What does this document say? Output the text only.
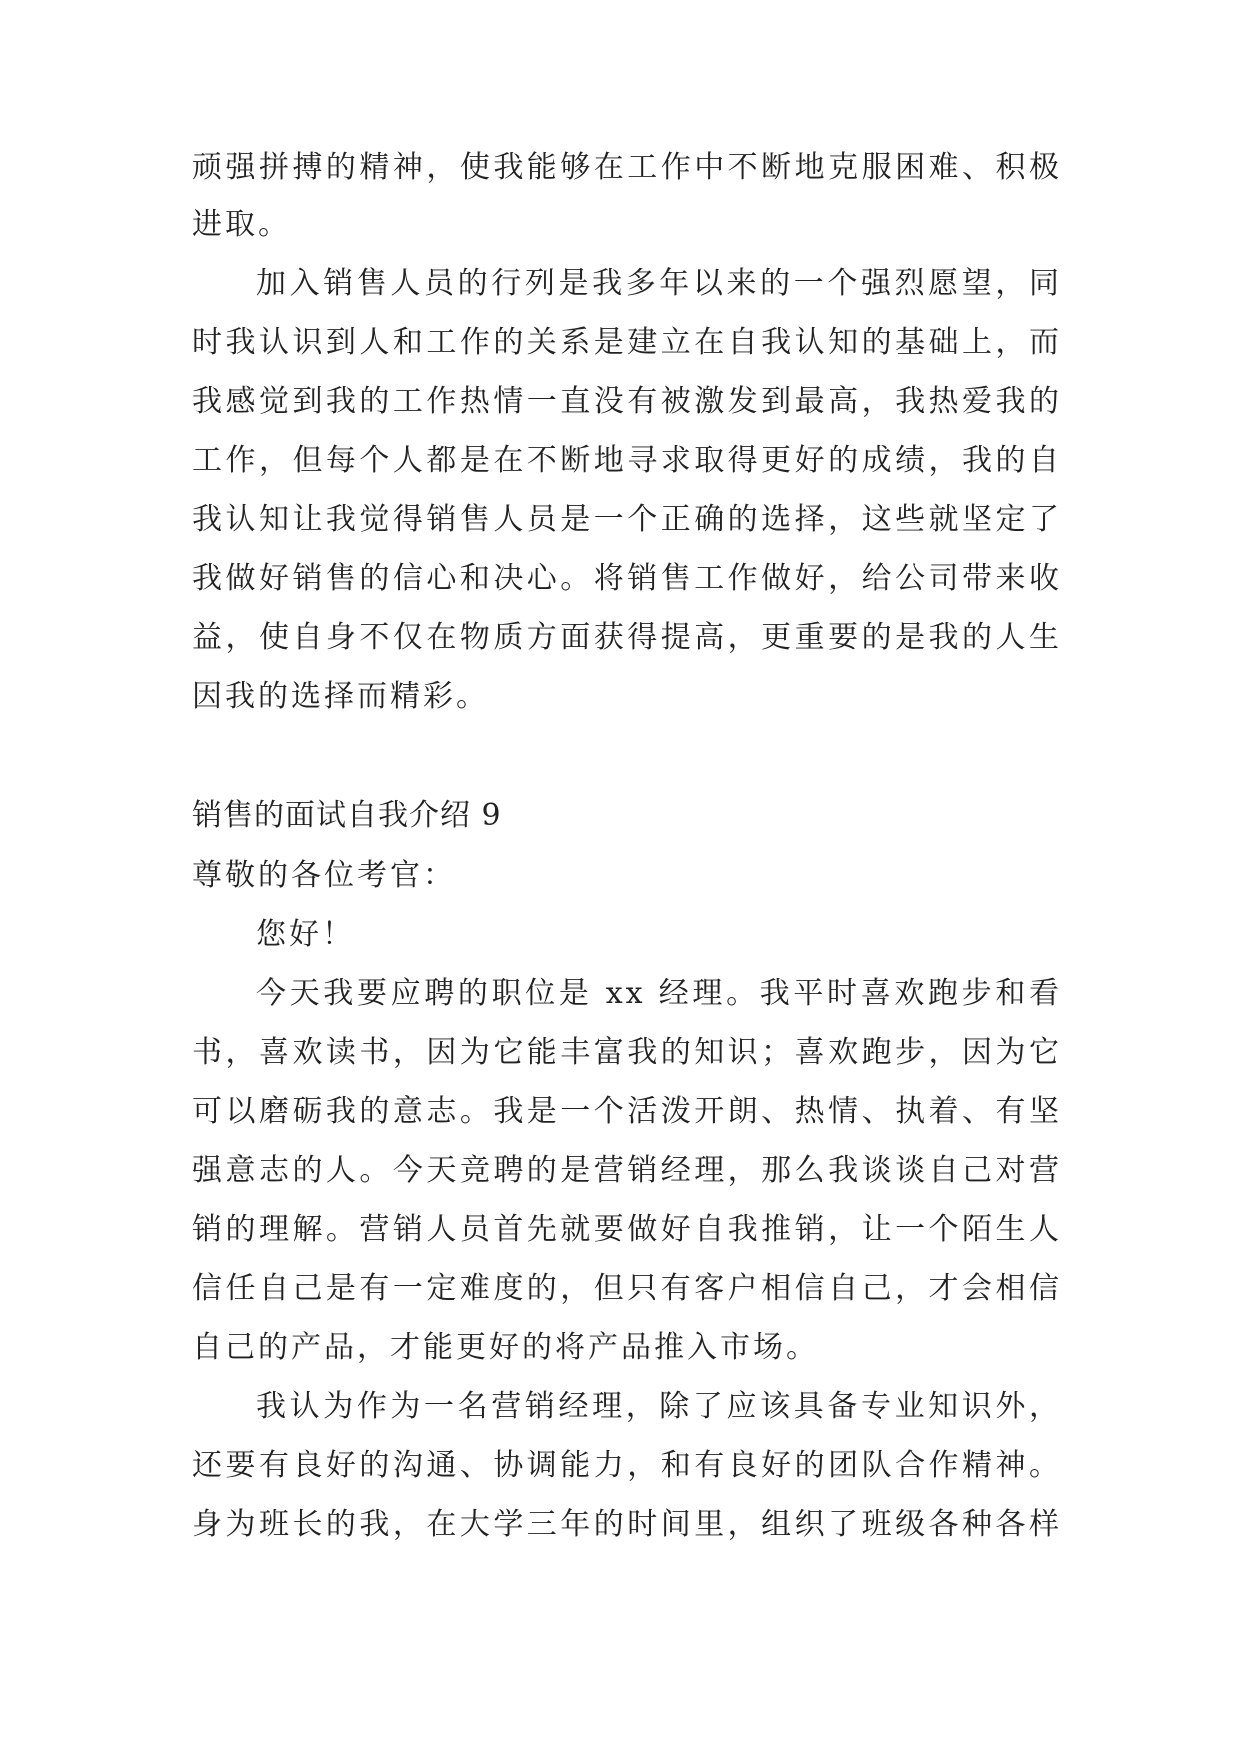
顽强拼搏的精神，使我能够在工作中不断地克服困难、积极
进取。
加入销售人员的行列是我多年以来的一个强烈愿望，同
时我认识到人和工作的关系是建立在自我认知的基础上，而
我感觉到我的工作热情一直没有被激发到最高，我热爱我的
工作，但每个人都是在不断地寻求取得更好的成绩，我的自
我认知让我觉得销售人员是一个正确的选择，这些就坚定了
我做好销售的信心和决心。将销售工作做好，给公司带来收
益，使自身不仅在物质方面获得提高，更重要的是我的人生
因我的选择而精彩。
销售的面试自我介绍 9
尊敬的各位考官：
您好！
今天我要应聘的职位是 xx 经理。我平时喜欢跑步和看
书，喜欢读书，因为它能丰富我的知识；喜欢跑步，因为它
可以磨砺我的意志。我是一个活泼开朗、热情、执着、有坚
强意志的人。今天竞聘的是营销经理，那么我谈谈自己对营
销的理解。营销人员首先就要做好自我推销，让一个陌生人
信任自己是有一定难度的，但只有客户相信自己，才会相信
自己的产品，才能更好的将产品推入市场。
我认为作为一名营销经理，除了应该具备专业知识外，
还要有良好的沟通、协调能力，和有良好的团队合作精神。
身为班长的我，在大学三年的时间里，组织了班级各种各样
